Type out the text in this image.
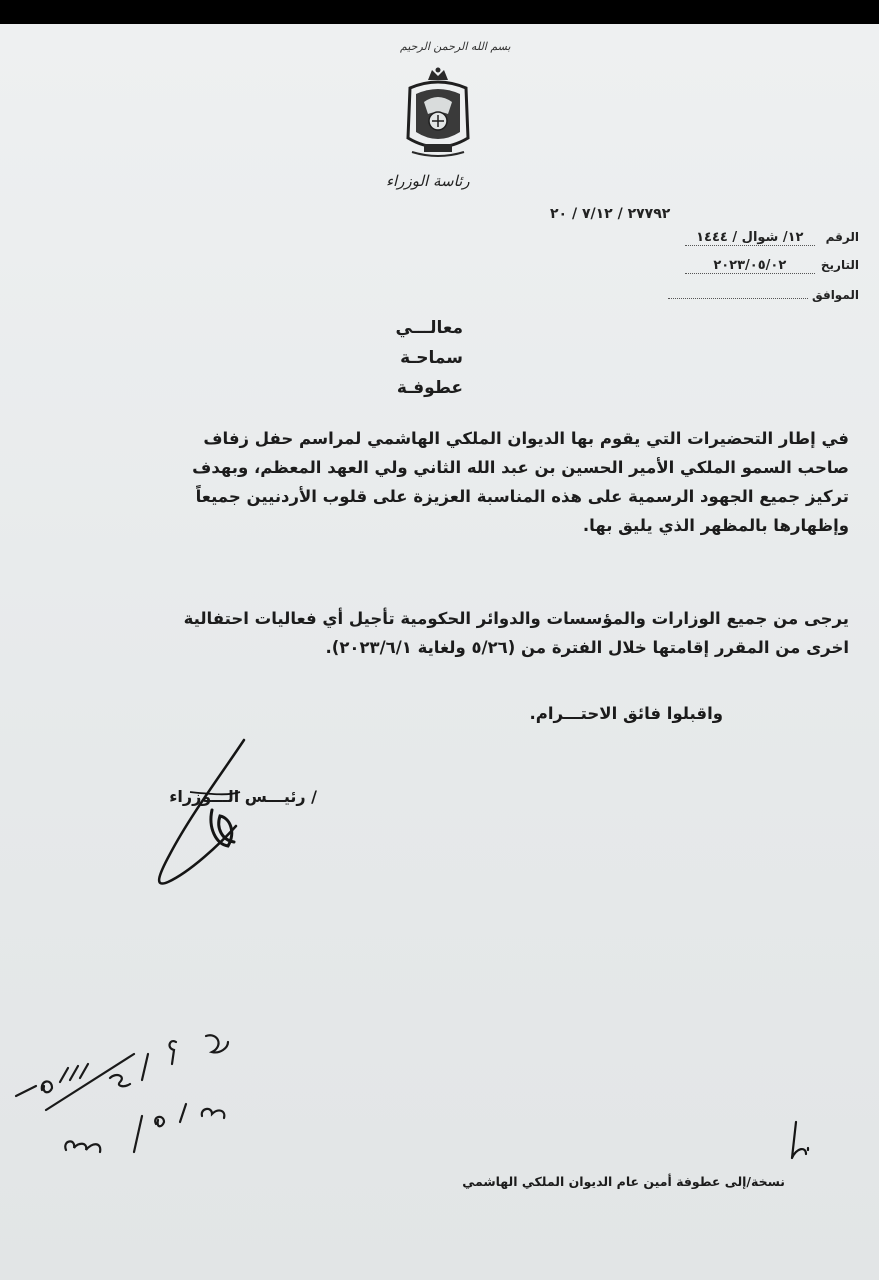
بسم الله الرحمن الرحيم
رئاسة الوزراء
٢٧٧٩٢ / ٧/١٢ / ٢٠
الرقم ١٢/ شوال / ١٤٤٤
التاريخ ٢٠٢٣/٠٥/٠٢
الموافق
معالـــي
سماحـة
عطوفـة
في إطار التحضيرات التي يقوم بها الديوان الملكي الهاشمي لمراسم حفل زفاف صاحب السمو الملكي الأمير الحسين بن عبد الله الثاني ولي العهد المعظم، وبهدف تركيز جميع الجهود الرسمية على هذه المناسبة العزيزة على قلوب الأردنيين جميعاً وإظهارها بالمظهر الذي يليق بها.
يرجى من جميع الوزارات والمؤسسات والدوائر الحكومية تأجيل أي فعاليات احتفالية اخرى من المقرر إقامتها خلال الفترة من (٥/٢٦ ولغاية ٢٠٢٣/٦/١).
واقبلوا فائق الاحتـــرام.
/ رئيـــس الـــوزراء
نسخة/إلى عطوفة أمين عام الديوان الملكي الهاشمي
